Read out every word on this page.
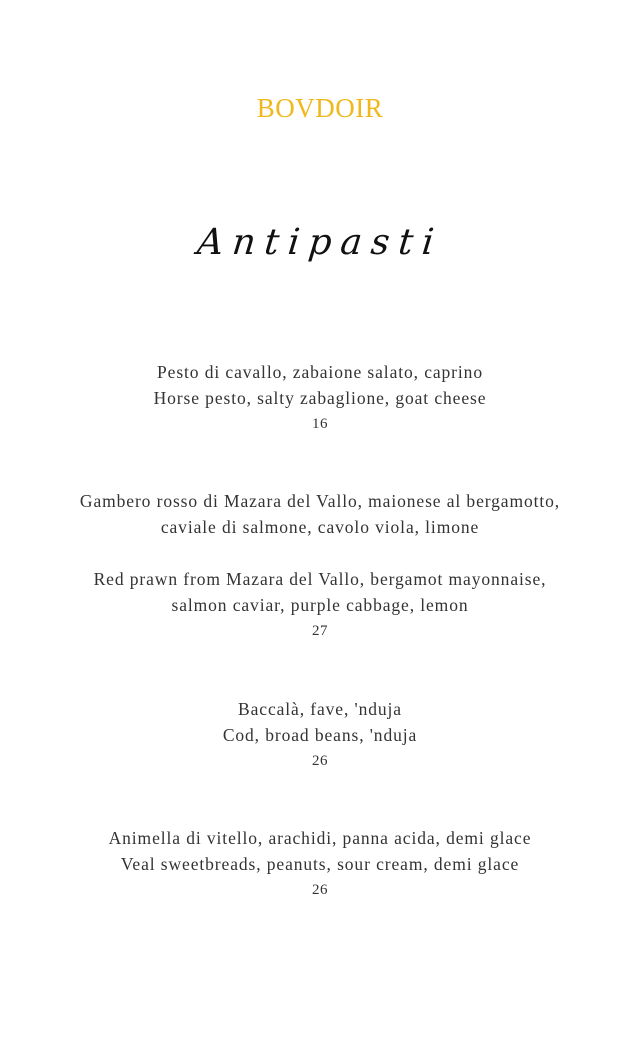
BOVDOIR
Antipasti
Pesto di cavallo, zabaione salato, caprino
Horse pesto, salty zabaglione, goat cheese
16
Gambero rosso di Mazara del Vallo, maionese al bergamotto,
caviale di salmone, cavolo viola, limone
Red prawn from Mazara del Vallo, bergamot mayonnaise,
salmon caviar, purple cabbage, lemon
27
Baccalà, fave, 'nduja
Cod, broad beans, 'nduja
26
Animella di vitello, arachidi, panna acida, demi glace
Veal sweetbreads, peanuts, sour cream, demi glace
26
